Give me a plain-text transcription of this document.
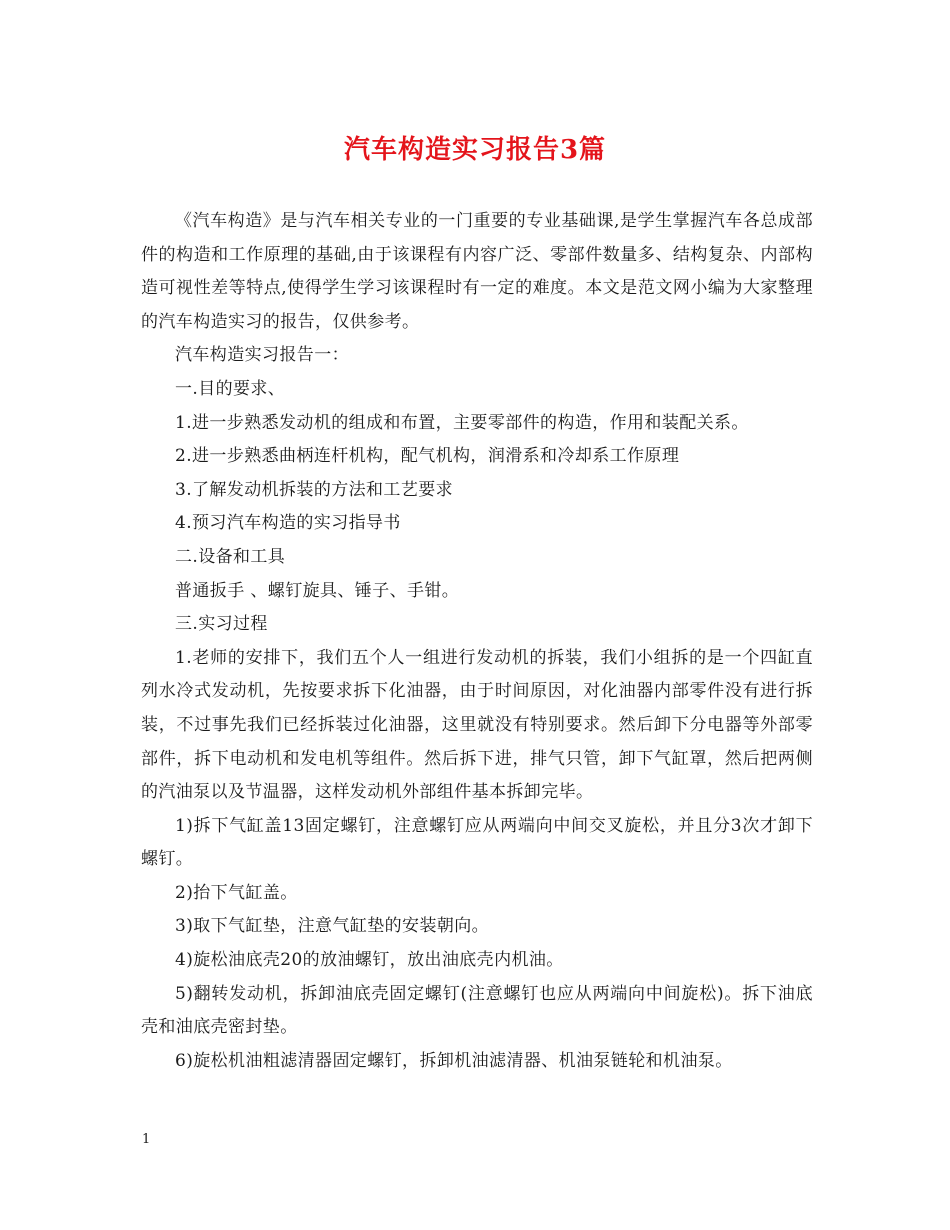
汽车构造实习报告3篇

《汽车构造》是与汽车相关专业的一门重要的专业基础课,是学生掌握汽车各总成部件的构造和工作原理的基础,由于该课程有内容广泛、零部件数量多、结构复杂、内部构造可视性差等特点,使得学生学习该课程时有一定的难度。本文是范文网小编为大家整理的汽车构造实习的报告，仅供参考。

汽车构造实习报告一：

一.目的要求、

1.进一步熟悉发动机的组成和布置，主要零部件的构造，作用和装配关系。

2.进一步熟悉曲柄连杆机构，配气机构，润滑系和冷却系工作原理

3.了解发动机拆装的方法和工艺要求

4.预习汽车构造的实习指导书

二.设备和工具

普通扳手 、螺钉旋具、锤子、手钳。

三.实习过程

1.老师的安排下，我们五个人一组进行发动机的拆装，我们小组拆的是一个四缸直列水冷式发动机，先按要求拆下化油器，由于时间原因，对化油器内部零件没有进行拆装，不过事先我们已经拆装过化油器，这里就没有特别要求。然后卸下分电器等外部零部件，拆下电动机和发电机等组件。然后拆下进，排气只管，卸下气缸罩，然后把两侧的汽油泵以及节温器，这样发动机外部组件基本拆卸完毕。

1)拆下气缸盖13固定螺钉，注意螺钉应从两端向中间交叉旋松，并且分3次才卸下螺钉。

2)抬下气缸盖。

3)取下气缸垫，注意气缸垫的安装朝向。

4)旋松油底壳20的放油螺钉，放出油底壳内机油。

5)翻转发动机，拆卸油底壳固定螺钉(注意螺钉也应从两端向中间旋松)。拆下油底壳和油底壳密封垫。

6)旋松机油粗滤清器固定螺钉，拆卸机油滤清器、机油泵链轮和机油泵。

1
